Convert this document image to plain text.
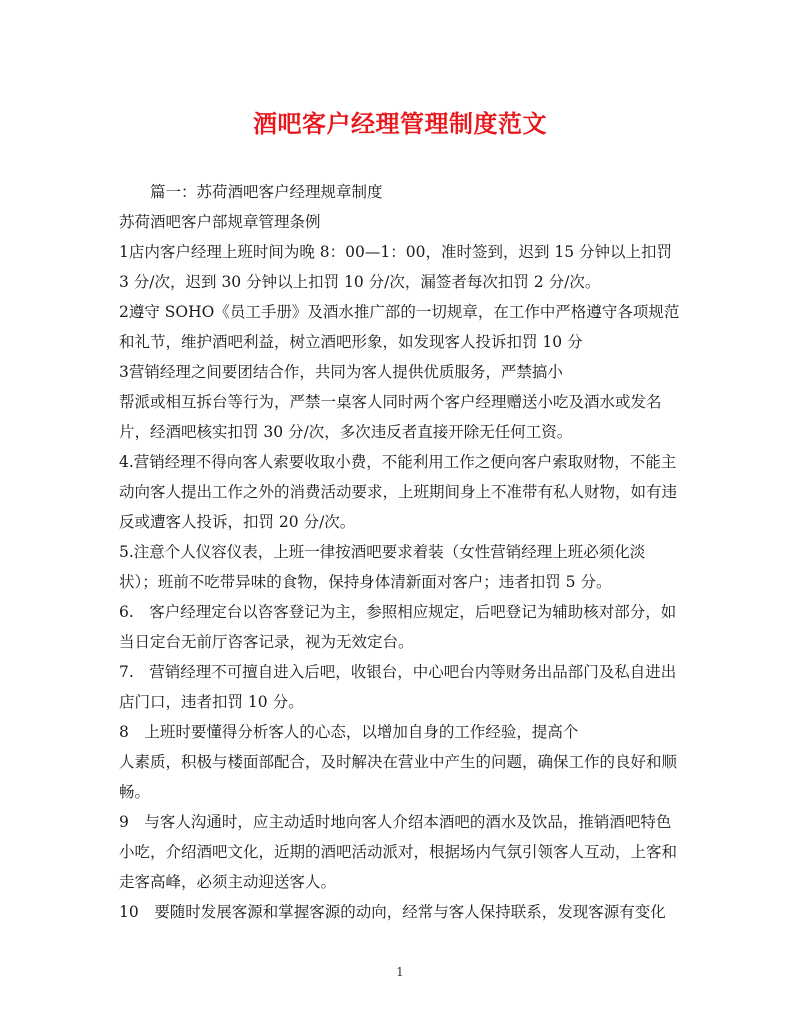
酒吧客户经理管理制度范文

篇一：苏荷酒吧客户经理规章制度

苏荷酒吧客户部规章管理条例

1店内客户经理上班时间为晚 8：00—1：00，准时签到，迟到 15 分钟以上扣罚 3 分/次，迟到 30 分钟以上扣罚 10 分/次，漏签者每次扣罚 2 分/次。

2遵守 SOHO《员工手册》及酒水推广部的一切规章，在工作中严格遵守各项规范和礼节，维护酒吧利益，树立酒吧形象，如发现客人投诉扣罚 10 分

3营销经理之间要团结合作，共同为客人提供优质服务，严禁搞小

帮派或相互拆台等行为，严禁一桌客人同时两个客户经理赠送小吃及酒水或发名片，经酒吧核实扣罚 30 分/次，多次违反者直接开除无任何工资。

4.营销经理不得向客人索要收取小费，不能利用工作之便向客户索取财物，不能主动向客人提出工作之外的消费活动要求，上班期间身上不准带有私人财物，如有违反或遭客人投诉，扣罚 20 分/次。

5.注意个人仪容仪表，上班一律按酒吧要求着装（女性营销经理上班必须化淡状）；班前不吃带异味的食物，保持身体清新面对客户；违者扣罚 5 分。

6.　客户经理定台以咨客登记为主，参照相应规定，后吧登记为辅助核对部分，如当日定台无前厅咨客记录，视为无效定台。

7.　营销经理不可擅自进入后吧，收银台，中心吧台内等财务出品部门及私自进出店门口，违者扣罚 10 分。

8　上班时要懂得分析客人的心态，以增加自身的工作经验，提高个

人素质，积极与楼面部配合，及时解决在营业中产生的问题，确保工作的良好和顺畅。

9　与客人沟通时，应主动适时地向客人介绍本酒吧的酒水及饮品，推销酒吧特色小吃，介绍酒吧文化，近期的酒吧活动派对，根据场内气氛引领客人互动，上客和走客高峰，必须主动迎送客人。

10　要随时发展客源和掌握客源的动向，经常与客人保持联系，发现客源有变化

1
